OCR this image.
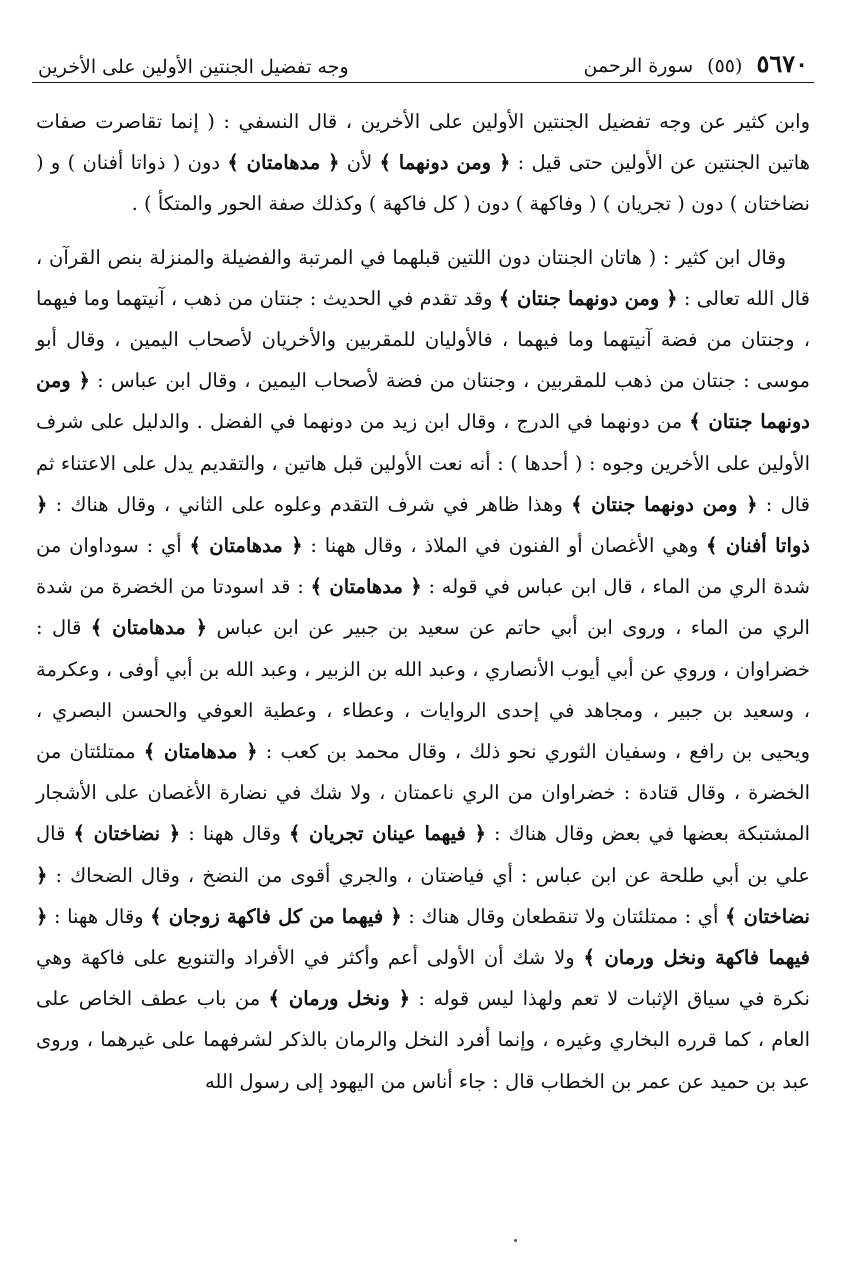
٥٦٧٠
(٥٥)
سورة الرحمن
وجه تفضيل الجنتين الأولين على الأخرين

وابن كثير عن وجه تفضيل الجنتين الأولين على الأخرين ، قال النسفي : ( إنما تقاصرت صفات هاتين الجنتين عن الأولين حتى قيل : ﴿ ومن دونهما ﴾ لأن ﴿ مدهامتان ﴾ دون ( ذواتا أفنان ) و ( نضاختان ) دون ( تجريان ) ( وفاكهة ) دون ( كل فاكهة ) وكذلك صفة الحور والمتكأ ) .

وقال ابن كثير : ( هاتان الجنتان دون اللتين قبلهما في المرتبة والفضيلة والمنزلة بنص القرآن ، قال الله تعالى : ﴿ ومن دونهما جنتان ﴾ وقد تقدم في الحديث : جنتان من ذهب ، آنيتهما وما فيهما ، وجنتان من فضة آنيتهما وما فيهما ، فالأوليان للمقربين والأخريان لأصحاب اليمين ، وقال أبو موسى : جنتان من ذهب للمقربين ، وجنتان من فضة لأصحاب اليمين ، وقال ابن عباس : ﴿ ومن دونهما جنتان ﴾ من دونهما في الدرج ، وقال ابن زيد من دونهما في الفضل . والدليل على شرف الأولين على الأخرين وجوه : ( أحدها ) : أنه نعت الأولين قبل هاتين ، والتقديم يدل على الاعتناء ثم قال : ﴿ ومن دونهما جنتان ﴾ وهذا ظاهر في شرف التقدم وعلوه على الثاني ، وقال هناك : ﴿ ذواتا أفنان ﴾ وهي الأغصان أو الفنون في الملاذ ، وقال ههنا : ﴿ مدهامتان ﴾ أي : سوداوان من شدة الري من الماء ، قال ابن عباس في قوله : ﴿ مدهامتان ﴾ : قد اسودتا من الخضرة من شدة الري من الماء ، وروى ابن أبي حاتم عن سعيد بن جبير عن ابن عباس ﴿ مدهامتان ﴾ قال : خضراوان ، وروي عن أبي أيوب الأنصاري ، وعبد الله بن الزبير ، وعبد الله بن أبي أوفى ، وعكرمة ، وسعيد بن جبير ، ومجاهد في إحدى الروايات ، وعطاء ، وعطية العوفي والحسن البصري ، ويحيى بن رافع ، وسفيان الثوري نحو ذلك ، وقال محمد بن كعب : ﴿ مدهامتان ﴾ ممتلئتان من الخضرة ، وقال قتادة : خضراوان من الري ناعمتان ، ولا شك في نضارة الأغصان على الأشجار المشتبكة بعضها في بعض وقال هناك : ﴿ فيهما عينان تجريان ﴾ وقال ههنا : ﴿ نضاختان ﴾ قال علي بن أبي طلحة عن ابن عباس : أي فياضتان ، والجري أقوى من النضخ ، وقال الضحاك : ﴿ نضاختان ﴾ أي : ممتلئتان ولا تنقطعان وقال هناك : ﴿ فيهما من كل فاكهة زوجان ﴾ وقال ههنا : ﴿ فيهما فاكهة ونخل ورمان ﴾ ولا شك أن الأولى أعم وأكثر في الأفراد والتنويع على فاكهة وهي نكرة في سياق الإثبات لا تعم ولهذا ليس قوله : ﴿ ونخل ورمان ﴾ من باب عطف الخاص على العام ، كما قرره البخاري وغيره ، وإنما أفرد النخل والرمان بالذكر لشرفهما على غيرهما ، وروى عبد بن حميد عن عمر بن الخطاب قال : جاء أناس من اليهود إلى رسول الله
